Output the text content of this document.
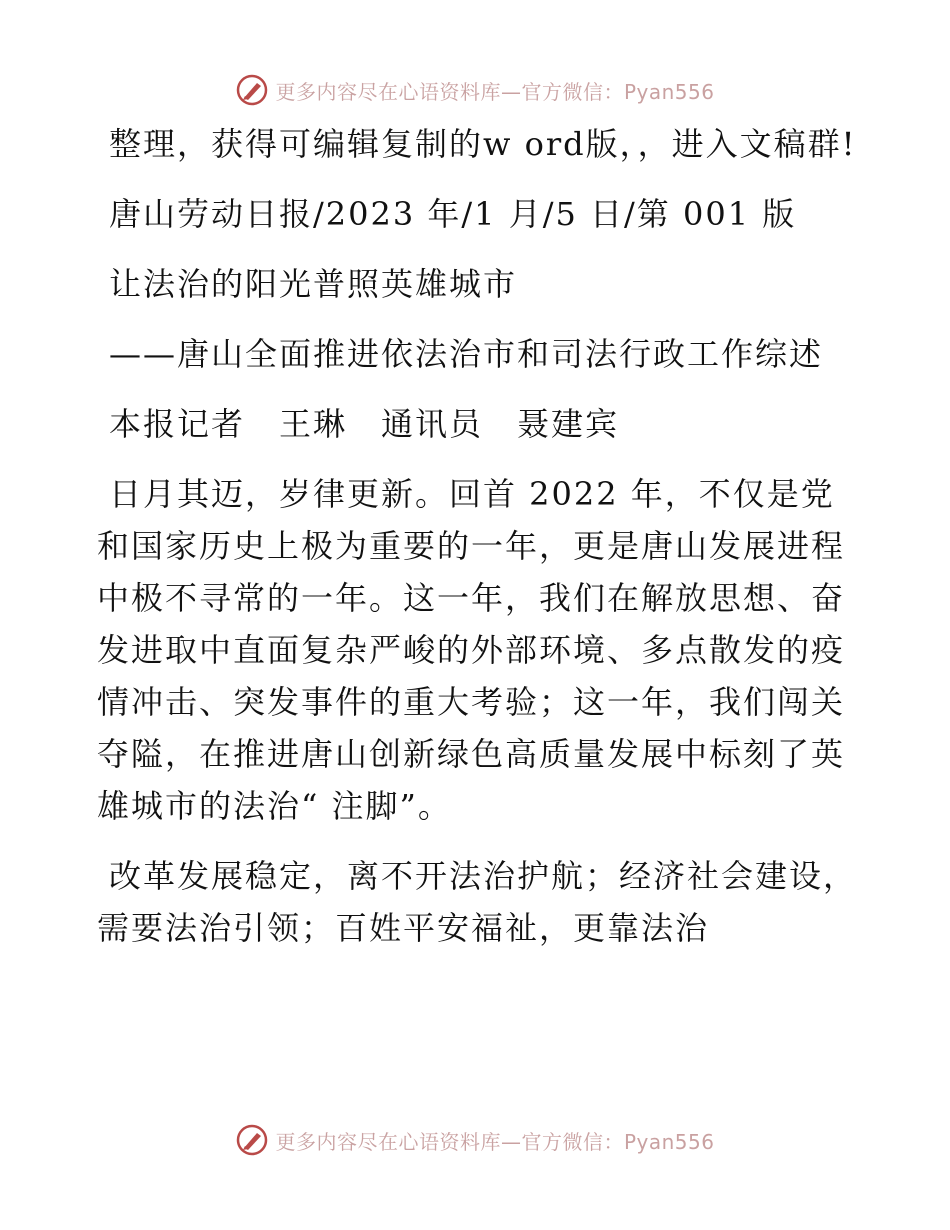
更多内容尽在心语资料库—官方微信：Pyan556

整理，获得可编辑复制的w ord版，，进入文稿群!

唐山劳动日报/2023 年/1 月/5 日/第 001 版

让法治的阳光普照英雄城市

——唐山全面推进依法治市和司法行政工作综述

本报记者　王琳　通讯员　聂建宾

日月其迈，岁律更新。回首 2022 年，不仅是党和国家历史上极为重要的一年，更是唐山发展进程中极不寻常的一年。这一年，我们在解放思想、奋发进取中直面复杂严峻的外部环境、多点散发的疫情冲击、突发事件的重大考验；这一年，我们闯关夺隘，在推进唐山创新绿色高质量发展中标刻了英雄城市的法治“ 注脚”。

改革发展稳定，离不开法治护航；经济社会建设，需要法治引领；百姓平安福祉，更靠法治

更多内容尽在心语资料库—官方微信：Pyan556
